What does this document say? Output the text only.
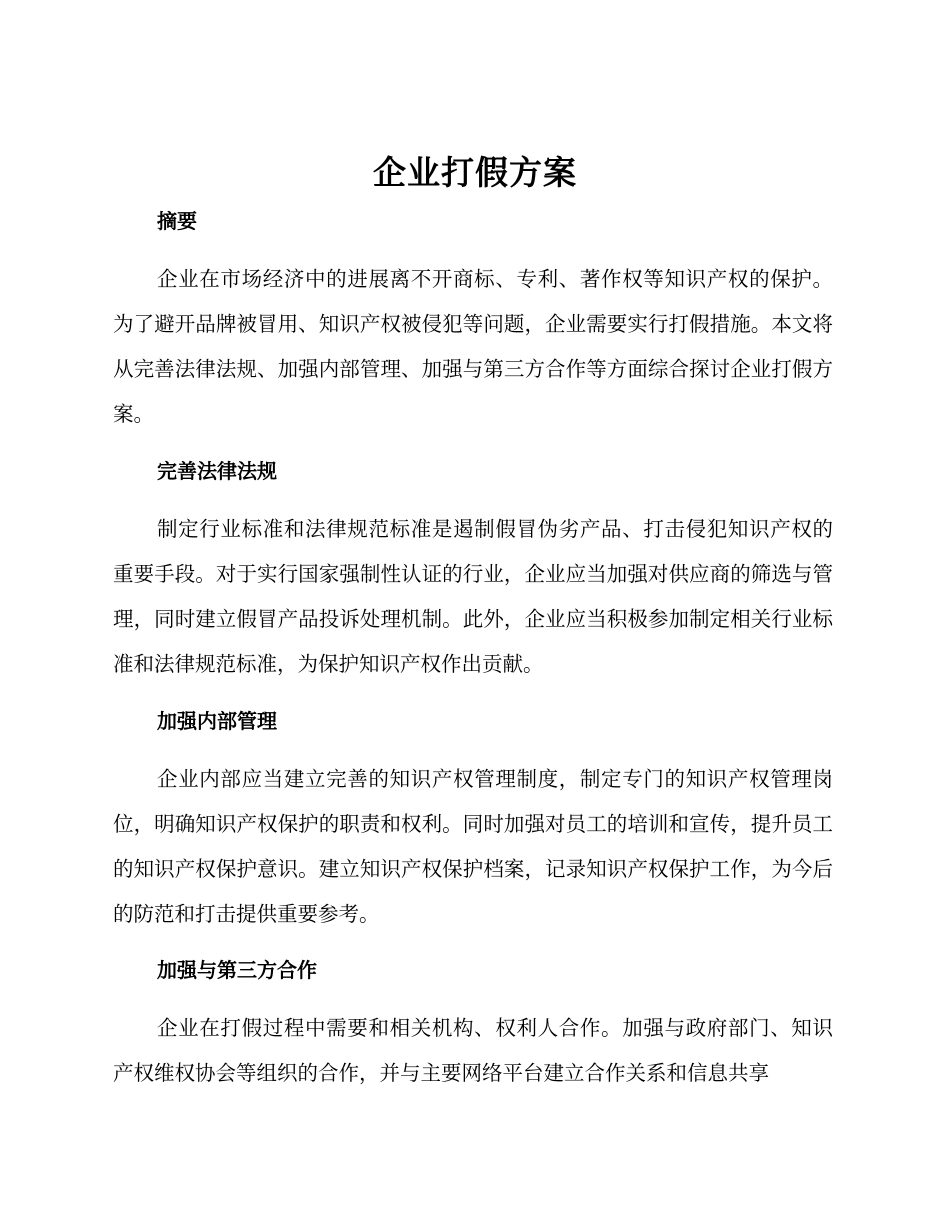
企业打假方案
摘要

企业在市场经济中的进展离不开商标、专利、著作权等知识产权的保护。为了避开品牌被冒用、知识产权被侵犯等问题，企业需要实行打假措施。本文将从完善法律法规、加强内部管理、加强与第三方合作等方面综合探讨企业打假方案。

完善法律法规

制定行业标准和法律规范标准是遏制假冒伪劣产品、打击侵犯知识产权的重要手段。对于实行国家强制性认证的行业，企业应当加强对供应商的筛选与管理，同时建立假冒产品投诉处理机制。此外，企业应当积极参加制定相关行业标准和法律规范标准，为保护知识产权作出贡献。

加强内部管理

企业内部应当建立完善的知识产权管理制度，制定专门的知识产权管理岗位，明确知识产权保护的职责和权利。同时加强对员工的培训和宣传，提升员工的知识产权保护意识。建立知识产权保护档案，记录知识产权保护工作，为今后的防范和打击提供重要参考。

加强与第三方合作

企业在打假过程中需要和相关机构、权利人合作。加强与政府部门、知识产权维权协会等组织的合作，并与主要网络平台建立合作关系和信息共享
